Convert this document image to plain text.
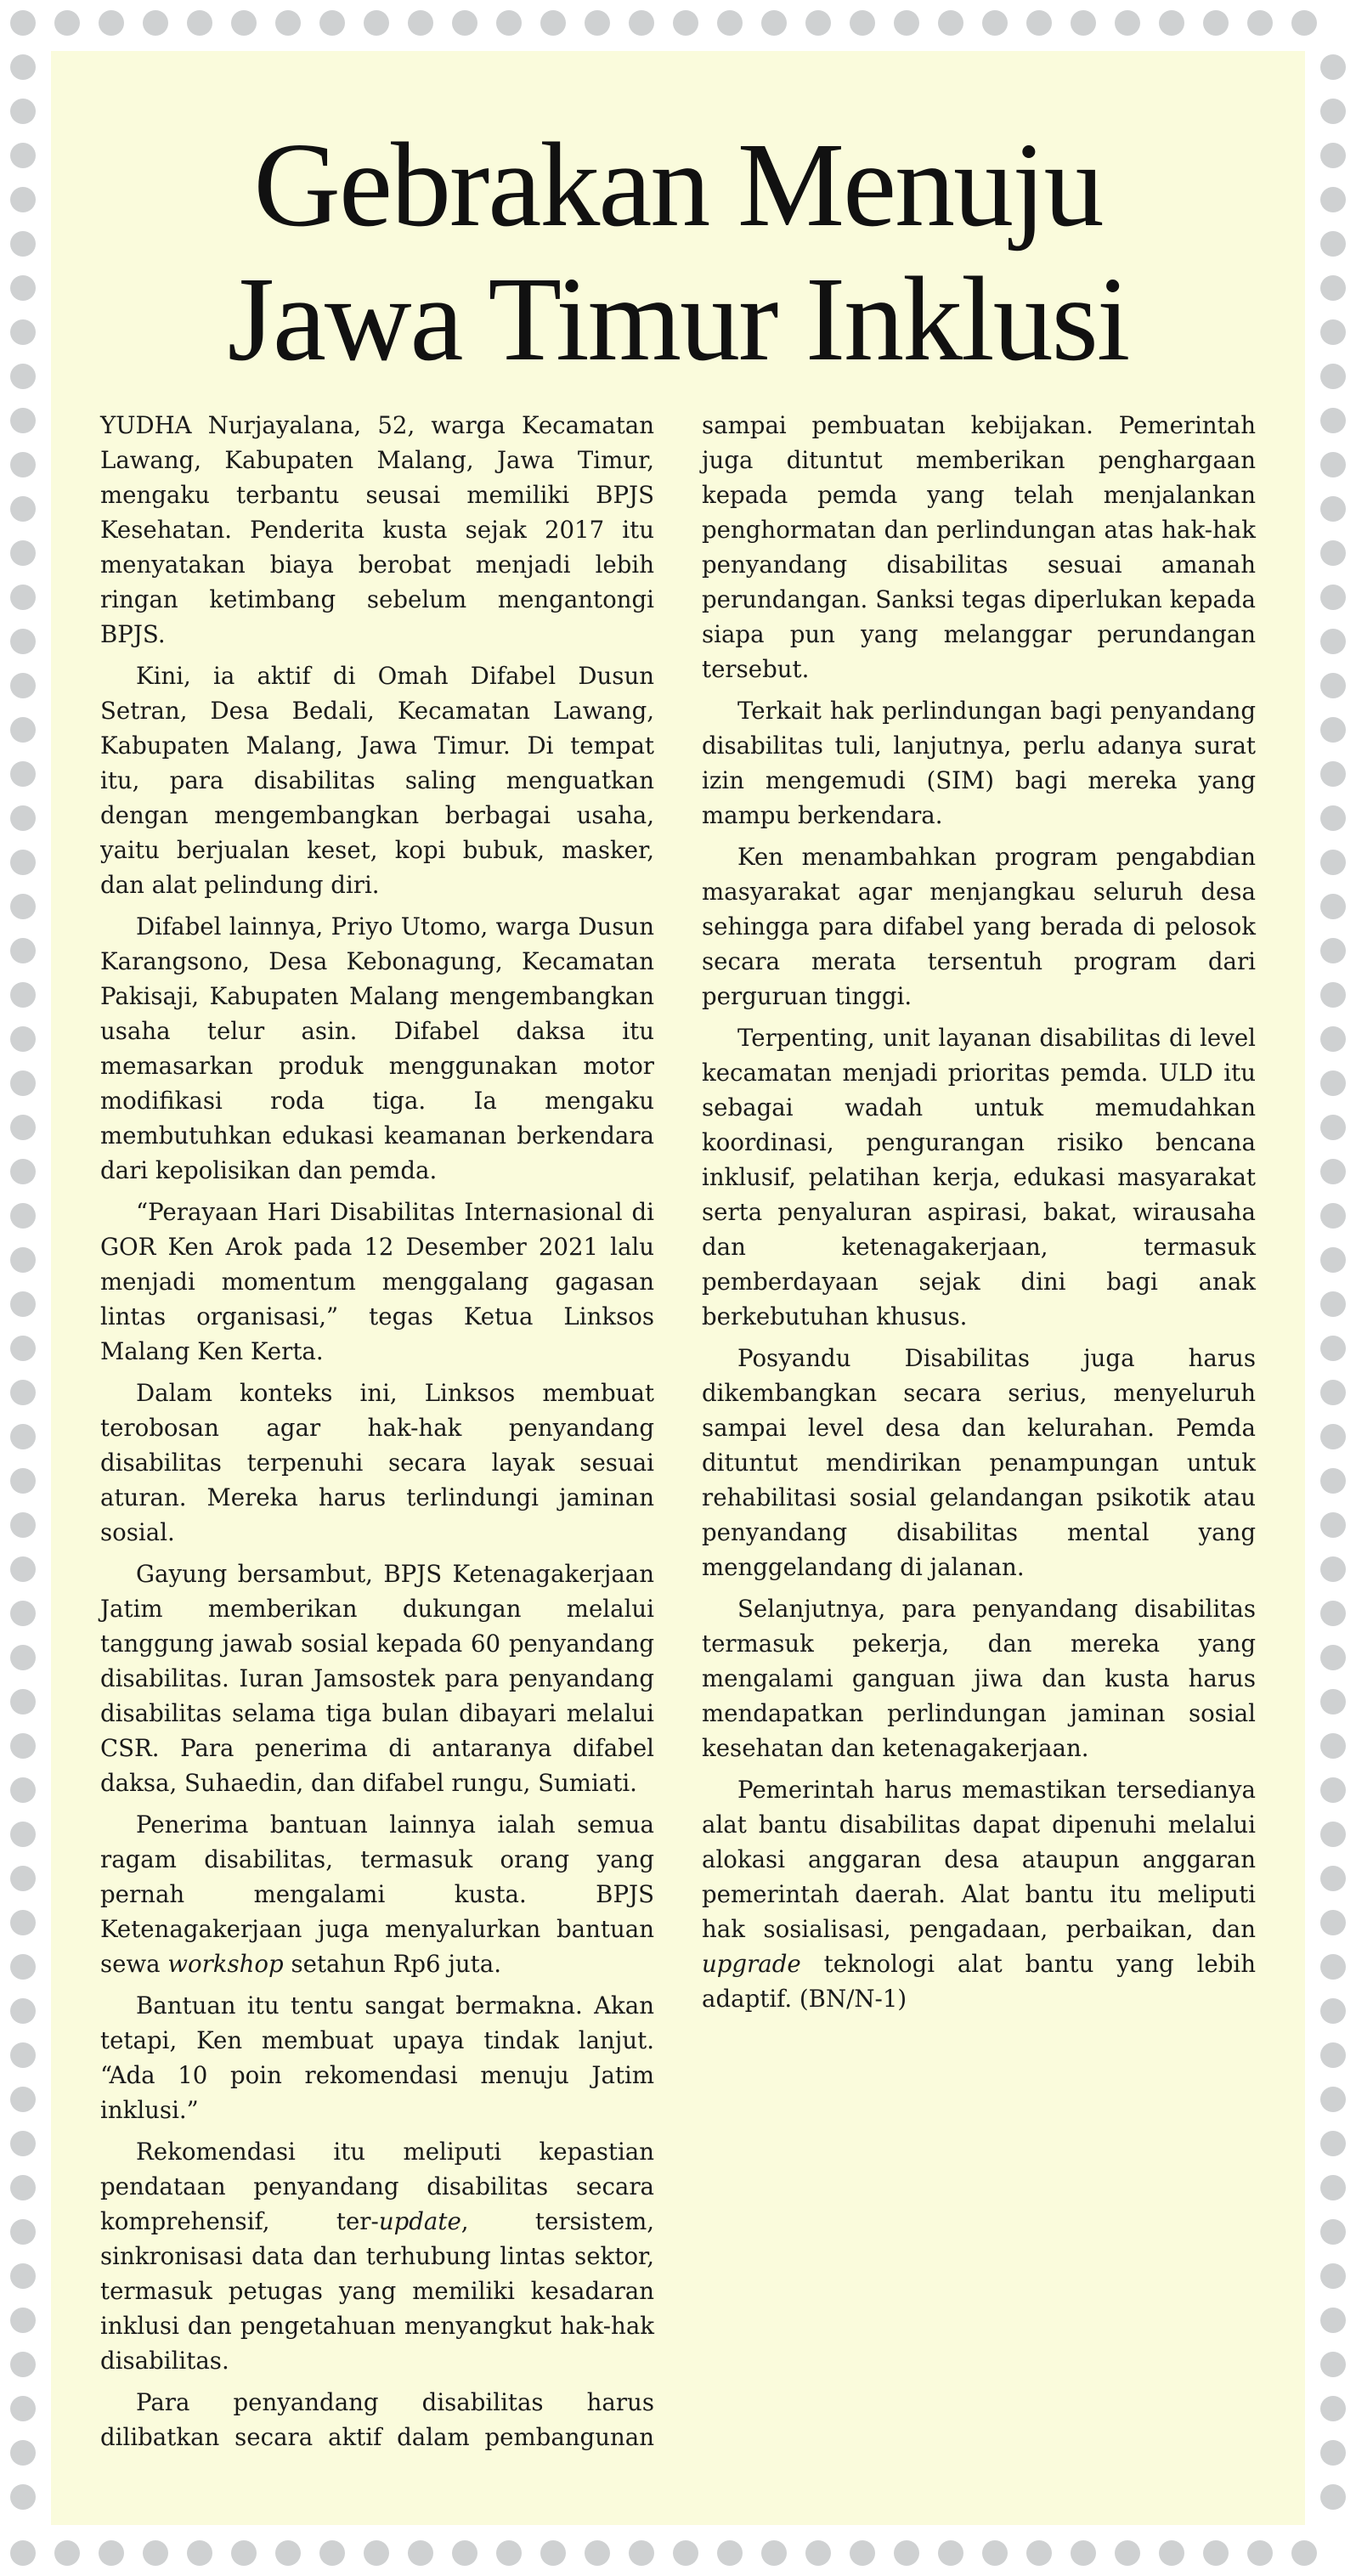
Gebrakan Menuju
Jawa Timur Inklusi

YUDHA Nurjayalana, 52, warga Kecamatan Lawang, Kabupaten Malang, Jawa Timur, mengaku terbantu seusai memiliki BPJS Kesehatan. Penderita kusta sejak 2017 itu menyatakan biaya berobat menjadi lebih ringan ketimbang sebelum mengantongi BPJS.

Kini, ia aktif di Omah Difabel Dusun Setran, Desa Bedali, Kecamatan Lawang, Kabupaten Malang, Jawa Timur. Di tempat itu, para disabilitas saling menguatkan dengan mengembangkan berbagai usaha, yaitu berjualan keset, kopi bubuk, masker, dan alat pelindung diri.

Difabel lainnya, Priyo Utomo, warga Dusun Karangsono, Desa Kebonagung, Kecamatan Pakisaji, Kabupaten Malang mengembangkan usaha telur asin. Difabel daksa itu memasarkan produk menggunakan motor modifikasi roda tiga. Ia mengaku membutuhkan edukasi keamanan berkendara dari kepolisikan dan pemda.

“Perayaan Hari Disabilitas Internasional di GOR Ken Arok pada 12 Desember 2021 lalu menjadi momentum menggalang gagasan lintas organisasi,” tegas Ketua Linksos Malang Ken Kerta.

Dalam konteks ini, Linksos membuat terobosan agar hak-hak penyandang disabilitas terpenuhi secara layak sesuai aturan. Mereka harus terlindungi jaminan sosial.

Gayung bersambut, BPJS Ketenagakerjaan Jatim memberikan dukungan melalui tanggung jawab sosial kepada 60 penyandang disabilitas. Iuran Jamsostek para penyandang disabilitas selama tiga bulan dibayari melalui CSR. Para penerima di antaranya difabel daksa, Suhaedin, dan difabel rungu, Sumiati.

Penerima bantuan lainnya ialah semua ragam disabilitas, termasuk orang yang pernah mengalami kusta. BPJS Ketenagakerjaan juga menyalurkan bantuan sewa workshop setahun Rp6 juta.

Bantuan itu tentu sangat bermakna. Akan tetapi, Ken membuat upaya tindak lanjut. “Ada 10 poin rekomendasi menuju Jatim inklusi.”

Rekomendasi itu meliputi kepastian pendataan penyandang disabilitas secara komprehensif, ter-update, tersistem, sinkronisasi data dan terhubung lintas sektor, termasuk petugas yang memiliki kesadaran inklusi dan pengetahuan menyangkut hak-hak disabilitas.

Para penyandang disabilitas harus dilibatkan secara aktif dalam pembangunan sampai pembuatan kebijakan. Pemerintah juga dituntut memberikan penghargaan kepada pemda yang telah menjalankan penghormatan dan perlindungan atas hak-hak penyandang disabilitas sesuai amanah perundangan. Sanksi tegas diperlukan kepada siapa pun yang melanggar perundangan tersebut.

Terkait hak perlindungan bagi penyandang disabilitas tuli, lanjutnya, perlu adanya surat izin mengemudi (SIM) bagi mereka yang mampu berkendara.

Ken menambahkan program pengabdian masyarakat agar menjangkau seluruh desa sehingga para difabel yang berada di pelosok secara merata tersentuh program dari perguruan tinggi.

Terpenting, unit layanan disabilitas di level kecamatan menjadi prioritas pemda. ULD itu sebagai wadah untuk memudahkan koordinasi, pengurangan risiko bencana inklusif, pelatihan kerja, edukasi masyarakat serta penyaluran aspirasi, bakat, wirausaha dan ketenagakerjaan, termasuk pemberdayaan sejak dini bagi anak berkebutuhan khusus.

Posyandu Disabilitas juga harus dikembangkan secara serius, menyeluruh sampai level desa dan kelurahan. Pemda dituntut mendirikan penampungan untuk rehabilitasi sosial gelandangan psikotik atau penyandang disabilitas mental yang menggelandang di jalanan.

Selanjutnya, para penyandang disabilitas termasuk pekerja, dan mereka yang mengalami ganguan jiwa dan kusta harus mendapatkan perlindungan jaminan sosial kesehatan dan ketenagakerjaan.

Pemerintah harus memastikan tersedianya alat bantu disabilitas dapat dipenuhi melalui alokasi anggaran desa ataupun anggaran pemerintah daerah. Alat bantu itu meliputi hak sosialisasi, pengadaan, perbaikan, dan upgrade teknologi alat bantu yang lebih adaptif. (BN/N-1)
